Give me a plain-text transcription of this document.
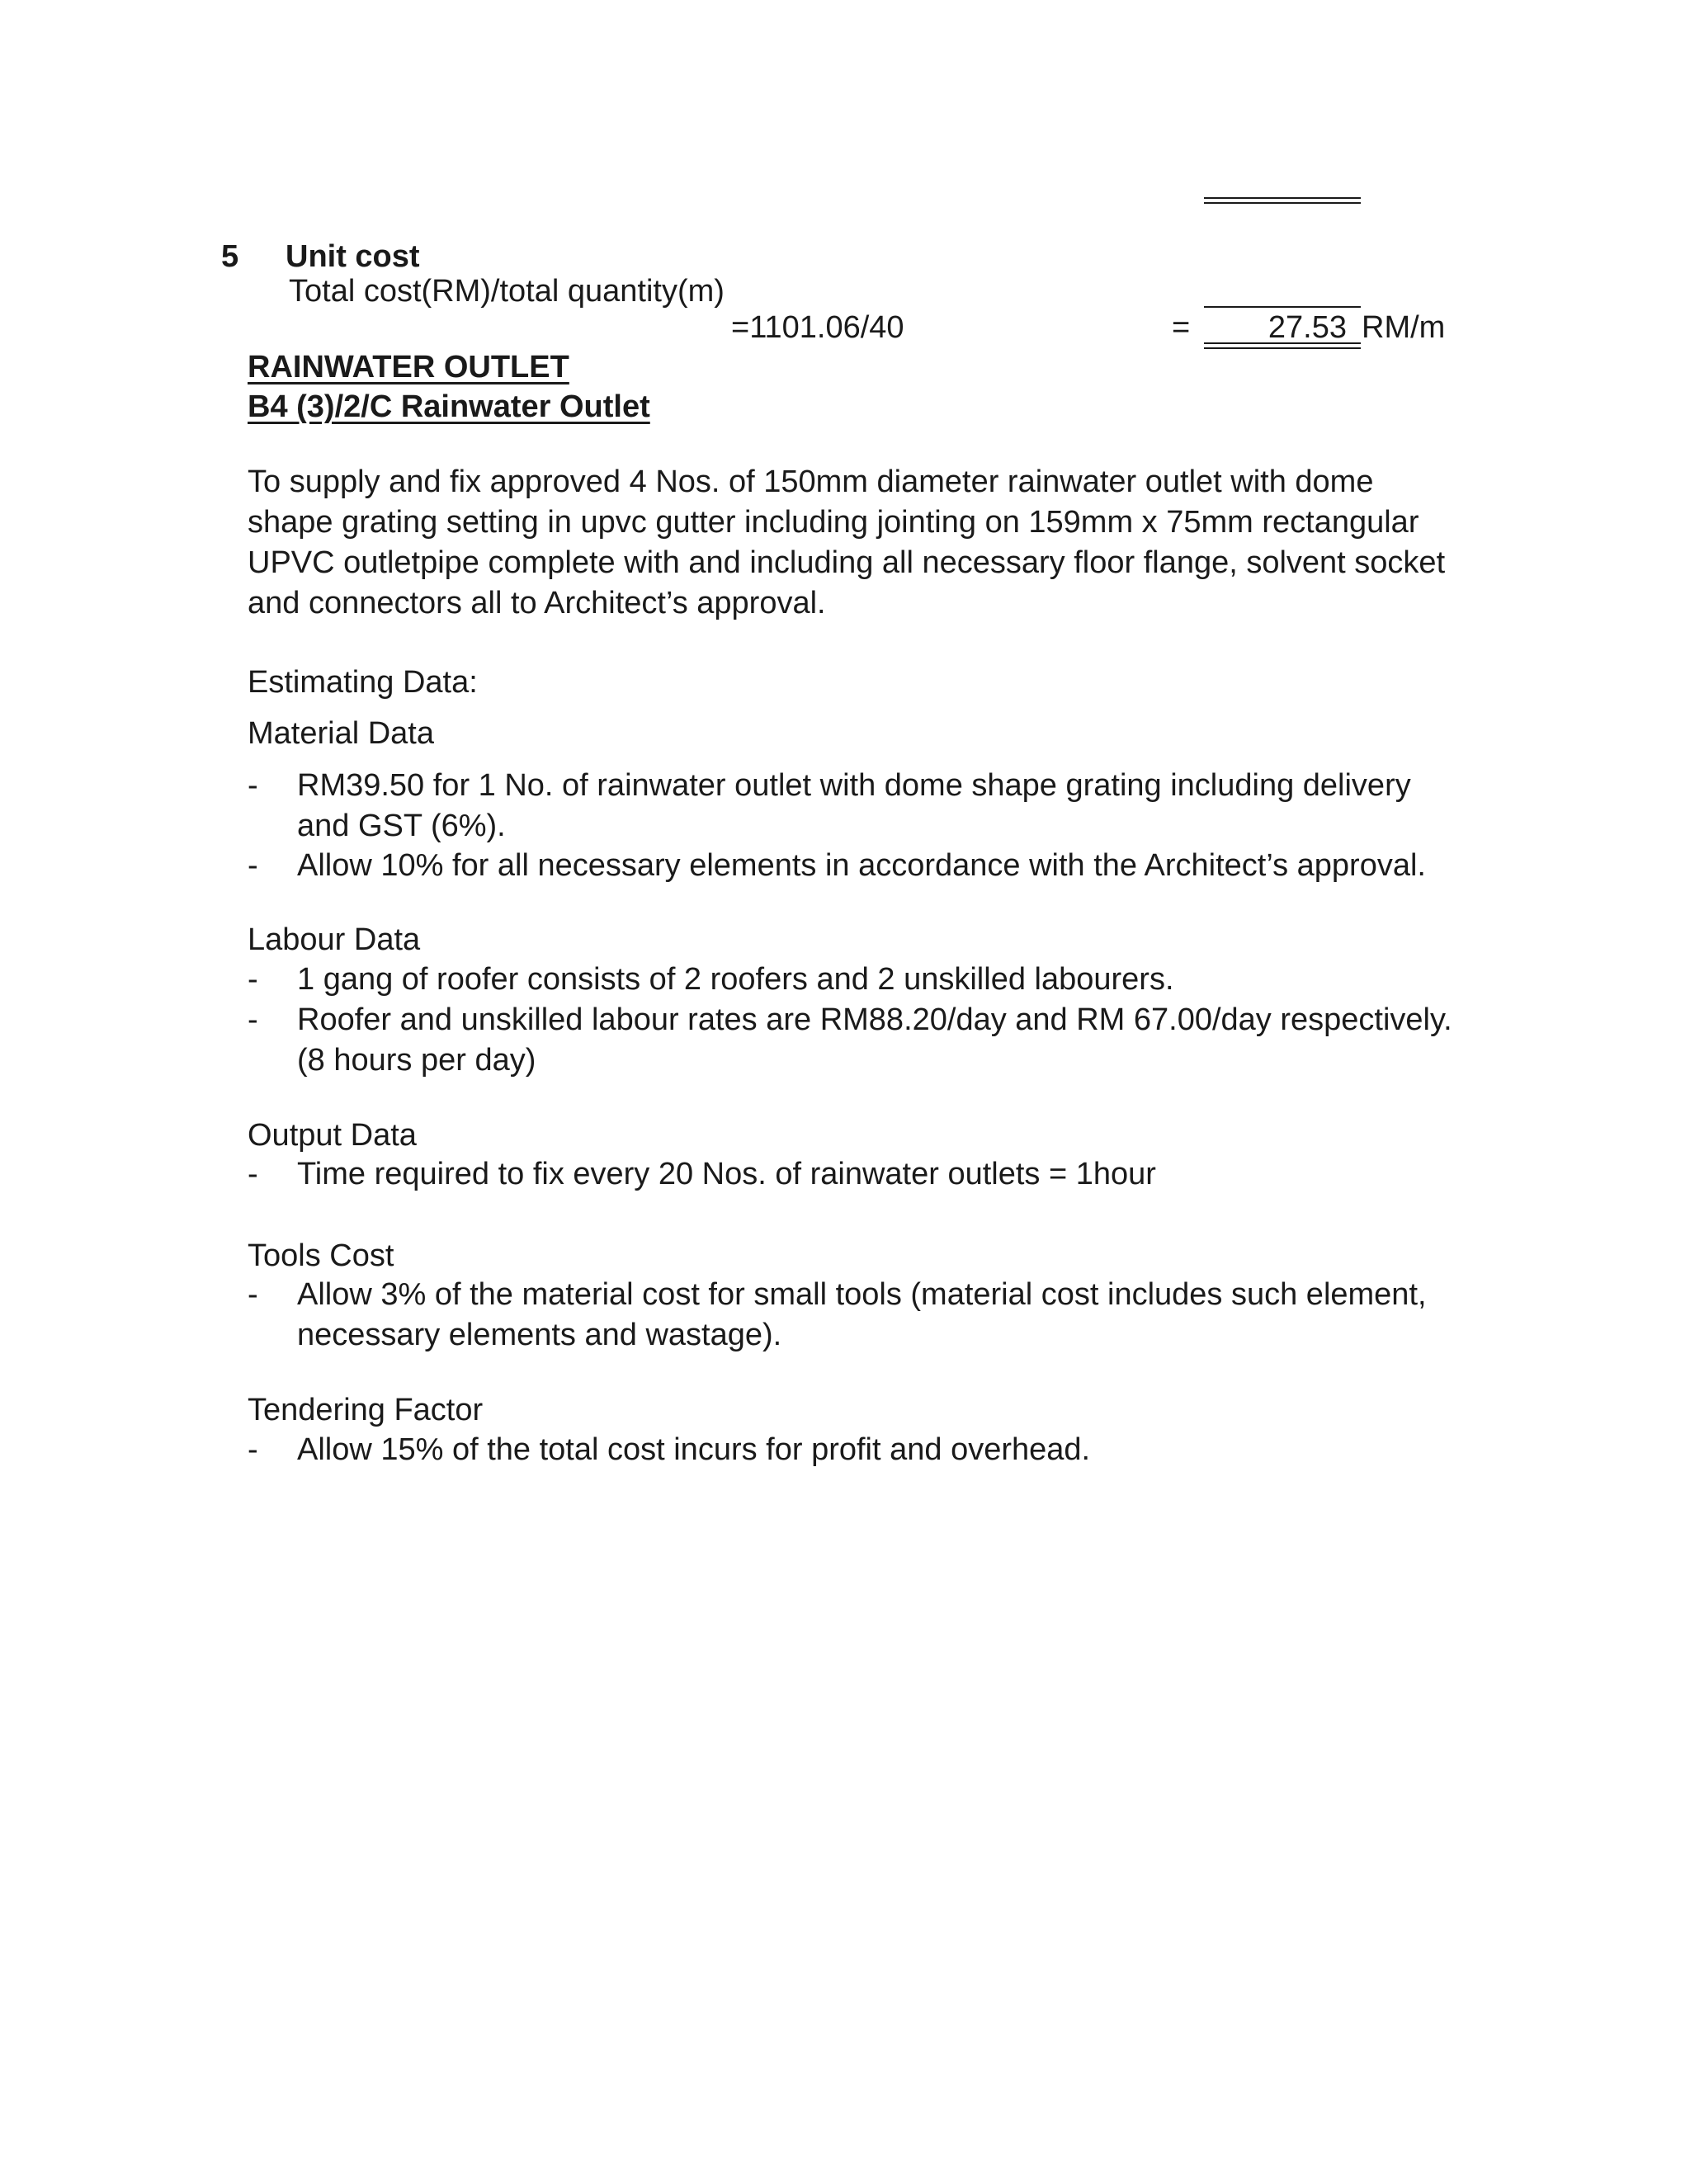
5 Unit cost
Total cost(RM)/total quantity(m)
=1101.06/40	=	27.53 RM/m
RAINWATER OUTLET
B4 (3)/2/C Rainwater Outlet
To supply and fix approved 4 Nos. of 150mm diameter rainwater outlet with dome shape grating setting in upvc gutter including jointing on 159mm x 75mm rectangular UPVC outletpipe complete with and including all necessary floor flange, solvent socket and connectors all to Architect’s approval.
Estimating Data:
Material Data
- RM39.50 for 1 No. of rainwater outlet with dome shape grating including delivery and GST (6%).
- Allow 10% for all necessary elements in accordance with the Architect’s approval.
Labour Data
- 1 gang of roofer consists of 2 roofers and 2 unskilled labourers.
- Roofer and unskilled labour rates are RM88.20/day and RM 67.00/day respectively. (8 hours per day)
Output Data
- Time required to fix every 20 Nos. of rainwater outlets = 1hour
Tools Cost
- Allow 3% of the material cost for small tools (material cost includes such element, necessary elements and wastage).
Tendering Factor
- Allow 15% of the total cost incurs for profit and overhead.
